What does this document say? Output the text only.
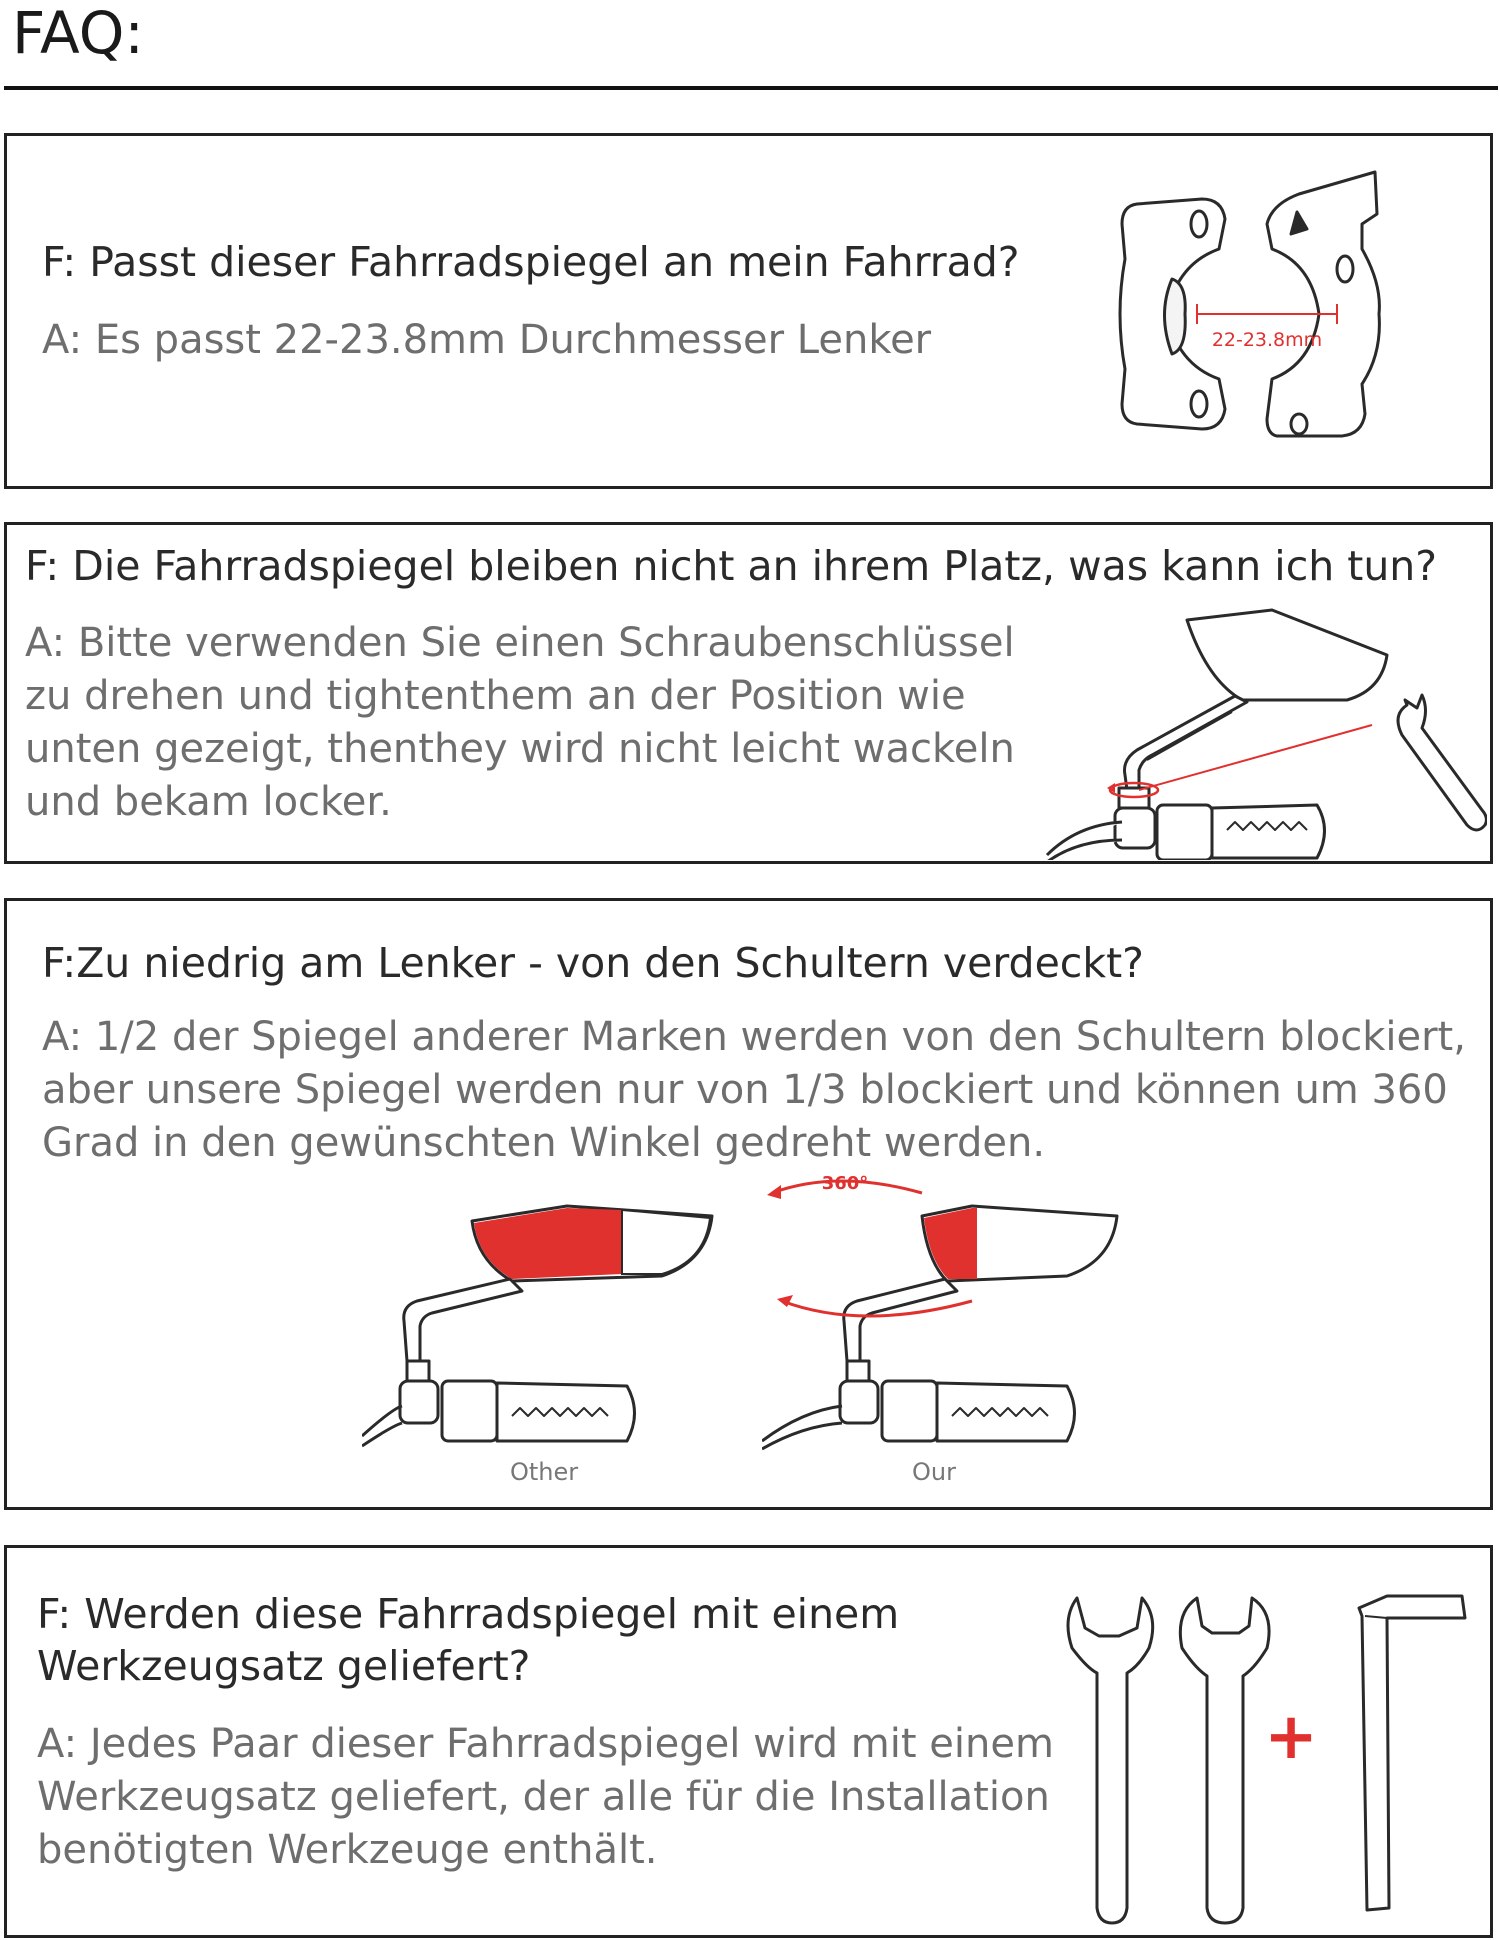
FAQ:
F: Passt dieser Fahrradspiegel an mein Fahrrad?
A: Es passt 22-23.8mm Durchmesser Lenker	22-23.8mm
F: Die Fahrradspiegel bleiben nicht an ihrem Platz, was kann ich tun?
A: Bitte verwenden Sie einen Schraubenschlüssel
zu drehen und tightenthem an der Position wie
unten gezeigt, thenthey wird nicht leicht wackeln
und bekam locker.
F:Zu niedrig am Lenker - von den Schultern verdeckt?
A: 1/2 der Spiegel anderer Marken werden von den Schultern blockiert,
aber unsere Spiegel werden nur von 1/3 blockiert und können um 360
Grad in den gewünschten Winkel gedreht werden.
Other
360°
Our
F: Werden diese Fahrradspiegel mit einem
Werkzeugsatz geliefert?
A: Jedes Paar dieser Fahrradspiegel wird mit einem
Werkzeugsatz geliefert, der alle für die Installation
benötigten Werkzeuge enthält.
+
